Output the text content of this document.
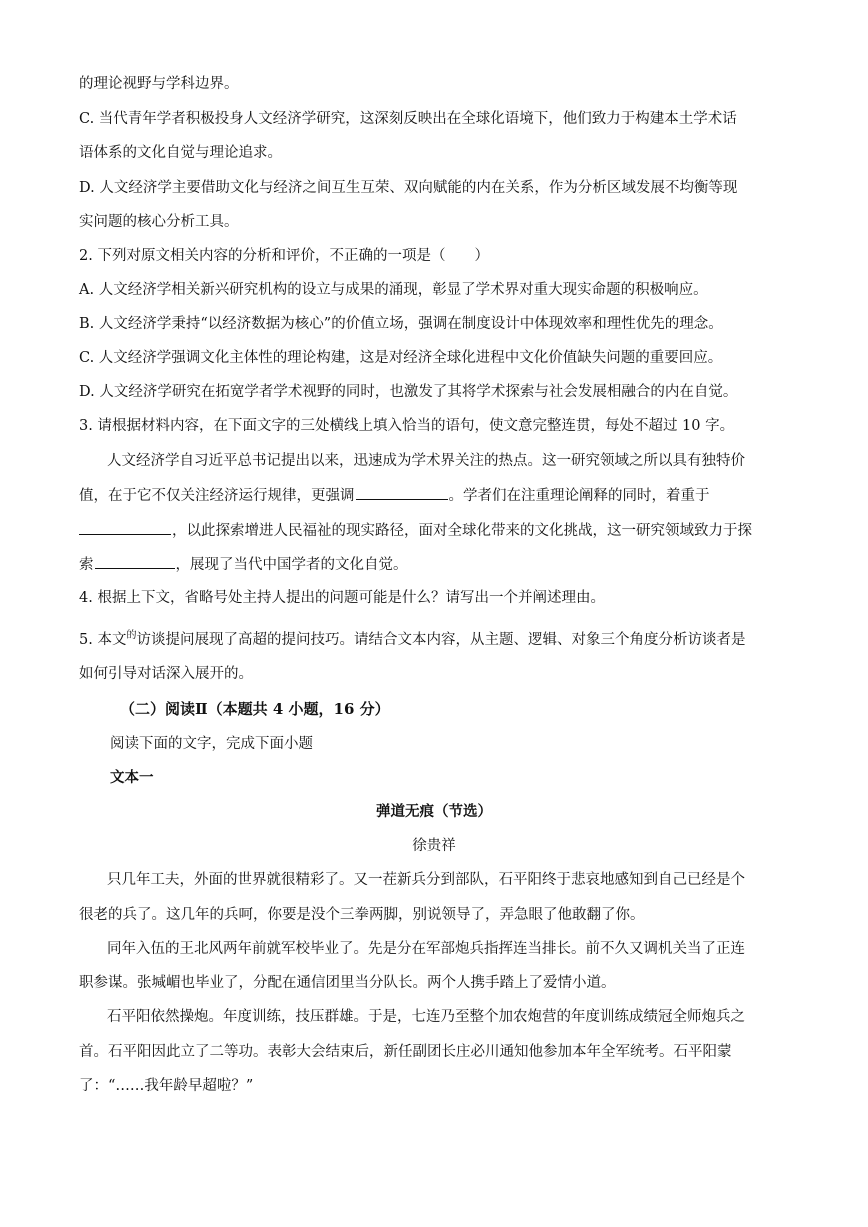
的理论视野与学科边界。
C. 当代青年学者积极投身人文经济学研究，这深刻反映出在全球化语境下，他们致力于构建本土学术话
语体系的文化自觉与理论追求。
D. 人文经济学主要借助文化与经济之间互生互荣、双向赋能的内在关系，作为分析区域发展不均衡等现
实问题的核心分析工具。
2. 下列对原文相关内容的分析和评价，不正确的一项是（　　）
A. 人文经济学相关新兴研究机构的设立与成果的涌现，彰显了学术界对重大现实命题的积极响应。
B. 人文经济学秉持“以经济数据为核心”的价值立场，强调在制度设计中体现效率和理性优先的理念。
C. 人文经济学强调文化主体性的理论构建，这是对经济全球化进程中文化价值缺失问题的重要回应。
D. 人文经济学研究在拓宽学者学术视野的同时，也激发了其将学术探索与社会发展相融合的内在自觉。
3. 请根据材料内容，在下面文字的三处横线上填入恰当的语句，使文意完整连贯，每处不超过 10 字。
人文经济学自习近平总书记提出以来，迅速成为学术界关注的热点。这一研究领域之所以具有独特价
值，在于它不仅关注经济运行规律，更强调	。学者们在注重理论阐释的同时，着重于
，以此探索增进人民福祉的现实路径，面对全球化带来的文化挑战，这一研究领域致力于探
索	，展现了当代中国学者的文化自觉。
4. 根据上下文，省略号处主持人提出的问题可能是什么？请写出一个并阐述理由。
5. 本文$^的$访谈提问展现了高超的提问技巧。请结合文本内容，从主题、逻辑、对象三个角度分析访谈者是
如何引导对话深入展开的。
（二）阅读Ⅱ（本题共 4 小题，16 分）
阅读下面的文字，完成下面小题
文本一
弹道无痕（节选）
徐贵祥
只几年工夫，外面的世界就很精彩了。又一茬新兵分到部队，石平阳终于悲哀地感知到自己已经是个
很老的兵了。这几年的兵呵，你要是没个三拳两脚，别说领导了，弄急眼了他敢翻了你。
同年入伍的王北风两年前就军校毕业了。先是分在军部炮兵指挥连当排长。前不久又调机关当了正连
职参谋。张堿嵋也毕业了，分配在通信团里当分队长。两个人携手踏上了爱情小道。
石平阳依然操炮。年度训练，技压群雄。于是，七连乃至整个加农炮营的年度训练成绩冠全师炮兵之
首。石平阳因此立了二等功。表彰大会结束后，新任副团长庄必川通知他参加本年全军统考。石平阳蒙
了：“……我年龄早超啦？”
